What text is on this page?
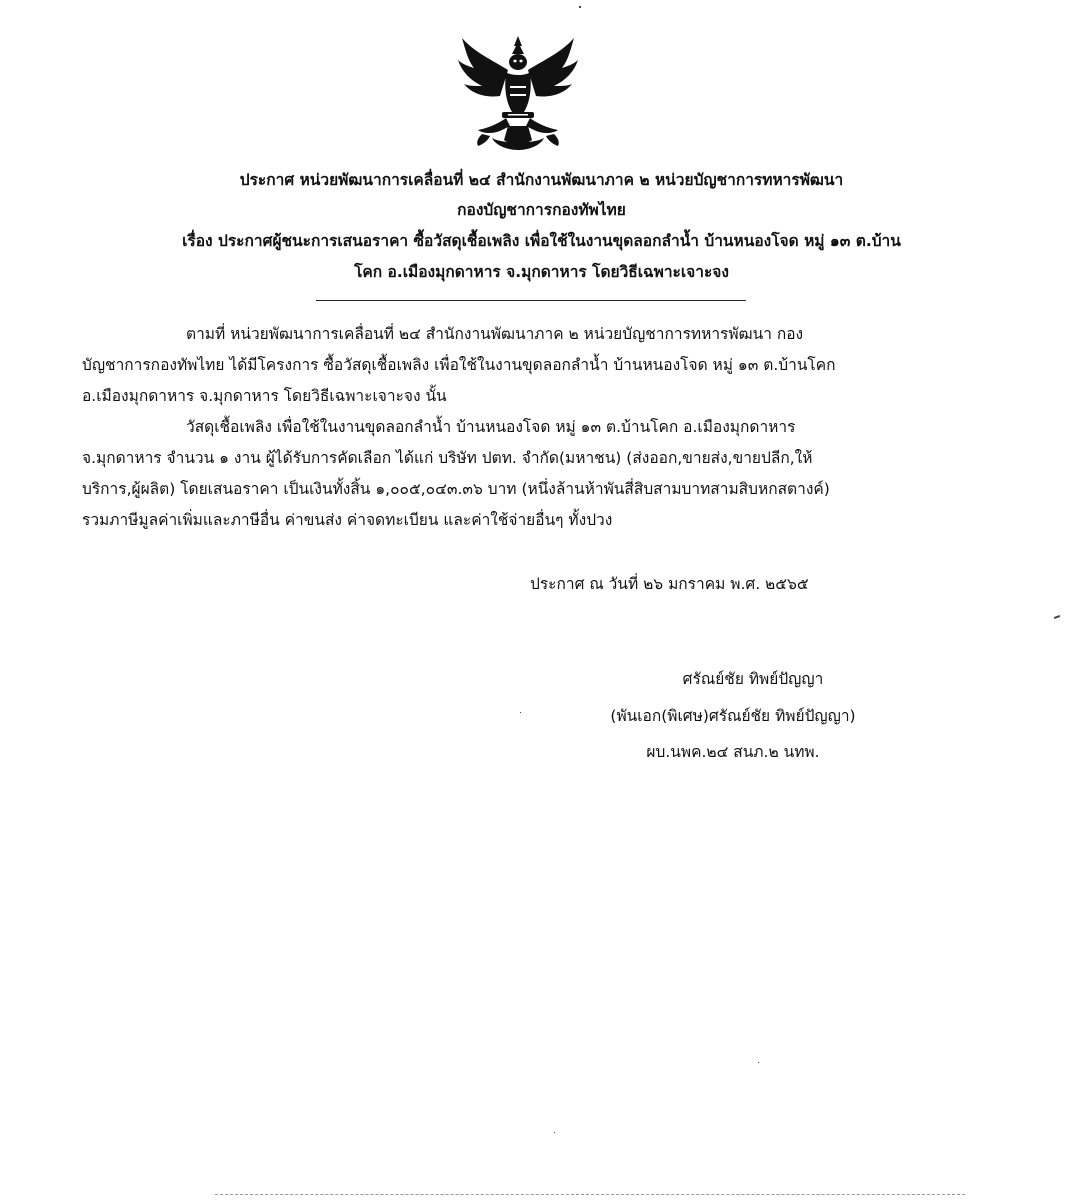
ประกาศ หน่วยพัฒนาการเคลื่อนที่ ๒๔ สำนักงานพัฒนาภาค ๒ หน่วยบัญชาการทหารพัฒนา
กองบัญชาการกองทัพไทย
เรื่อง ประกาศผู้ชนะการเสนอราคา ซื้อวัสดุเชื้อเพลิง เพื่อใช้ในงานขุดลอกลำน้ำ บ้านหนองโจด หมู่ ๑๓ ต.บ้าน
โคก อ.เมืองมุกดาหาร จ.มุกดาหาร โดยวิธีเฉพาะเจาะจง
ตามที่ หน่วยพัฒนาการเคลื่อนที่ ๒๔ สำนักงานพัฒนาภาค ๒ หน่วยบัญชาการทหารพัฒนา กอง
บัญชาการกองทัพไทย ได้มีโครงการ ซื้อวัสดุเชื้อเพลิง เพื่อใช้ในงานขุดลอกลำน้ำ บ้านหนองโจด หมู่ ๑๓ ต.บ้านโคก
อ.เมืองมุกดาหาร จ.มุกดาหาร โดยวิธีเฉพาะเจาะจง นั้น
วัสดุเชื้อเพลิง เพื่อใช้ในงานขุดลอกลำน้ำ บ้านหนองโจด หมู่ ๑๓ ต.บ้านโคก อ.เมืองมุกดาหาร
จ.มุกดาหาร จำนวน ๑ งาน ผู้ได้รับการคัดเลือก ได้แก่ บริษัท ปตท. จำกัด(มหาชน) (ส่งออก,ขายส่ง,ขายปลีก,ให้
บริการ,ผู้ผลิต) โดยเสนอราคา เป็นเงินทั้งสิ้น ๑,๐๐๕,๐๔๓.๓๖ บาท (หนึ่งล้านห้าพันสี่สิบสามบาทสามสิบหกสตางค์)
รวมภาษีมูลค่าเพิ่มและภาษีอื่น ค่าขนส่ง ค่าจดทะเบียน และค่าใช้จ่ายอื่นๆ ทั้งปวง
ประกาศ ณ วันที่ ๒๖ มกราคม พ.ศ. ๒๕๖๕
ศรัณย์ชัย ทิพย์ปัญญา
(พันเอก(พิเศษ)ศรัณย์ชัย ทิพย์ปัญญา)
ผบ.นพค.๒๔ สนภ.๒ นทพ.
